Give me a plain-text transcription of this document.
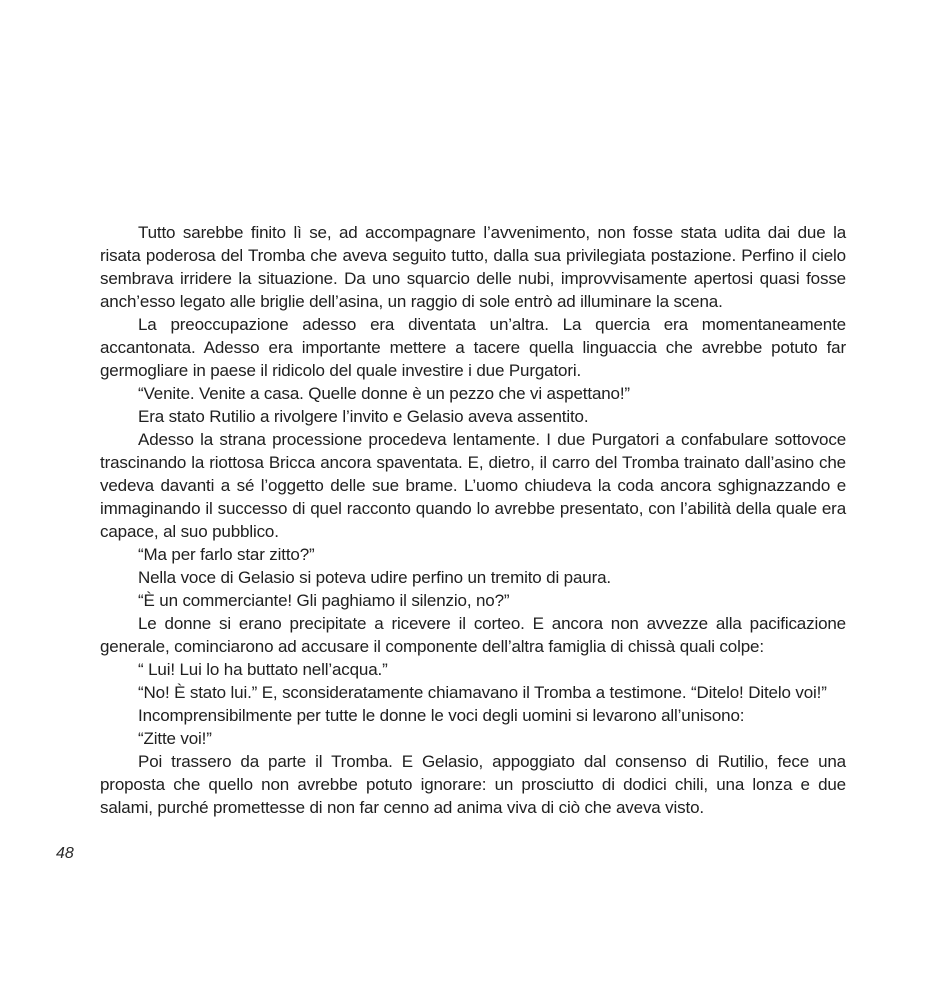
48

Tutto sarebbe finito lì se, ad accompagnare l’avvenimento, non fosse stata udita dai due la risata poderosa del Tromba che aveva seguito tutto, dalla sua privilegiata postazione. Perfino il cielo sembrava irridere la situazione. Da uno squarcio delle nubi, improvvisamente apertosi quasi fosse anch’esso legato alle briglie dell’asina, un raggio di sole entrò ad illuminare la scena.

La preoccupazione adesso era diventata un’altra. La quercia era momentaneamente accantonata. Adesso era importante mettere a tacere quella linguaccia che avrebbe potuto far germogliare in paese il ridicolo del quale investire i due Purgatori.

“Venite. Venite a casa. Quelle donne è un pezzo che vi aspettano!”

Era stato Rutilio a rivolgere l’invito e Gelasio aveva assentito.

Adesso la strana processione procedeva lentamente. I due Purgatori a confabulare sottovoce trascinando la riottosa Bricca ancora spaventata. E, dietro, il carro del Tromba trainato dall’asino che vedeva davanti a sé l’oggetto delle sue brame. L’uomo chiudeva la coda ancora sghignazzando e immaginando il successo di quel racconto quando lo avrebbe presentato, con l’abilità della quale era capace, al suo pubblico.

“Ma per farlo star zitto?”

Nella voce di Gelasio si poteva udire perfino un tremito di paura.

“È un commerciante! Gli paghiamo il silenzio, no?”

Le donne si erano precipitate a ricevere il corteo. E ancora non avvezze alla pacificazione generale, cominciarono ad accusare il componente dell’altra famiglia di chissà quali colpe:

“ Lui! Lui lo ha buttato nell’acqua.”

“No! È stato lui.” E, sconsideratamente chiamavano il Tromba a testimone. “Ditelo! Ditelo voi!”

Incomprensibilmente per tutte le donne le voci degli uomini si levarono all’unisono:

“Zitte voi!”

Poi trassero da parte il Tromba. E Gelasio, appoggiato dal consenso di Rutilio, fece una proposta che quello non avrebbe potuto ignorare: un prosciutto di dodici chili, una lonza e due salami, purché promettesse di non far cenno ad anima viva di ciò che aveva visto.
